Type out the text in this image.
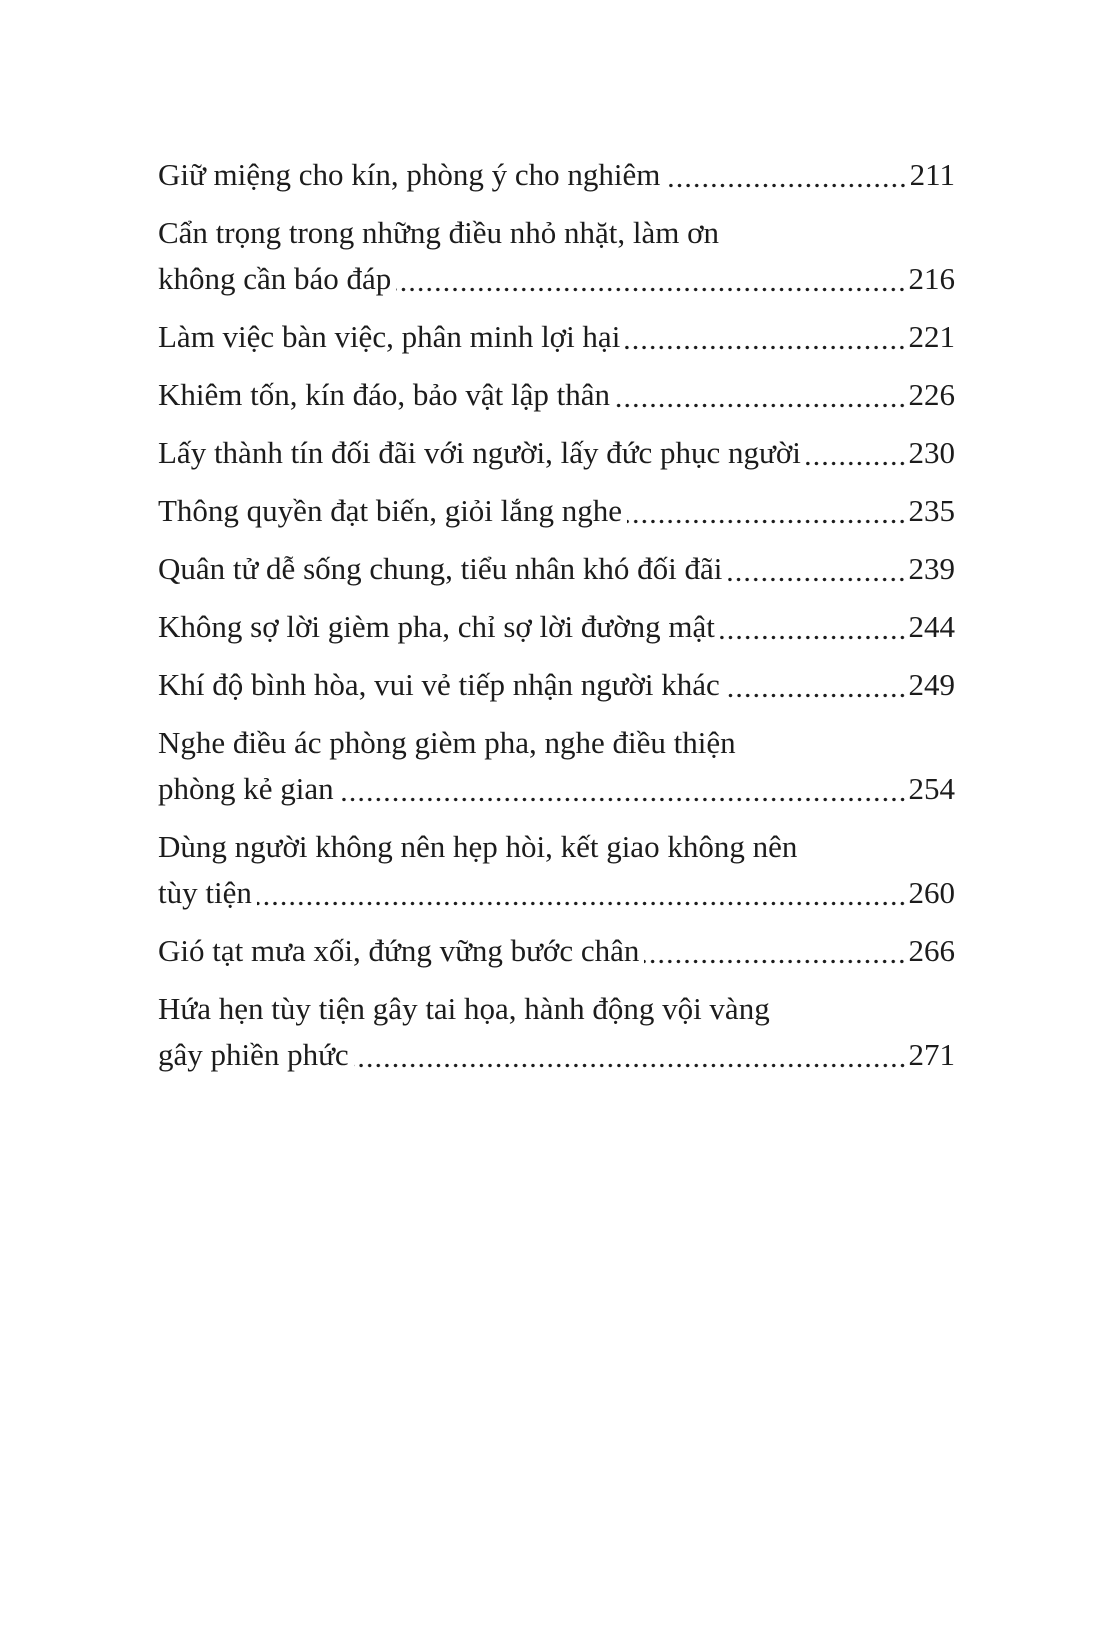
Giữ miệng cho kín, phòng ý cho nghiêm	211
Cẩn trọng trong những điều nhỏ nhặt, làm ơn
không cần báo đáp	216
Làm việc bàn việc, phân minh lợi hại	221
Khiêm tốn, kín đáo, bảo vật lập thân	226
Lấy thành tín đối đãi với người, lấy đức phục người	230
Thông quyền đạt biến, giỏi lắng nghe	235
Quân tử dễ sống chung, tiểu nhân khó đối đãi	239
Không sợ lời gièm pha, chỉ sợ lời đường mật	244
Khí độ bình hòa, vui vẻ tiếp nhận người khác	249
Nghe điều ác phòng gièm pha, nghe điều thiện
phòng kẻ gian	254
Dùng người không nên hẹp hòi, kết giao không nên
tùy tiện	260
Gió tạt mưa xối, đứng vững bước chân	266
Hứa hẹn tùy tiện gây tai họa, hành động vội vàng
gây phiền phức	271
